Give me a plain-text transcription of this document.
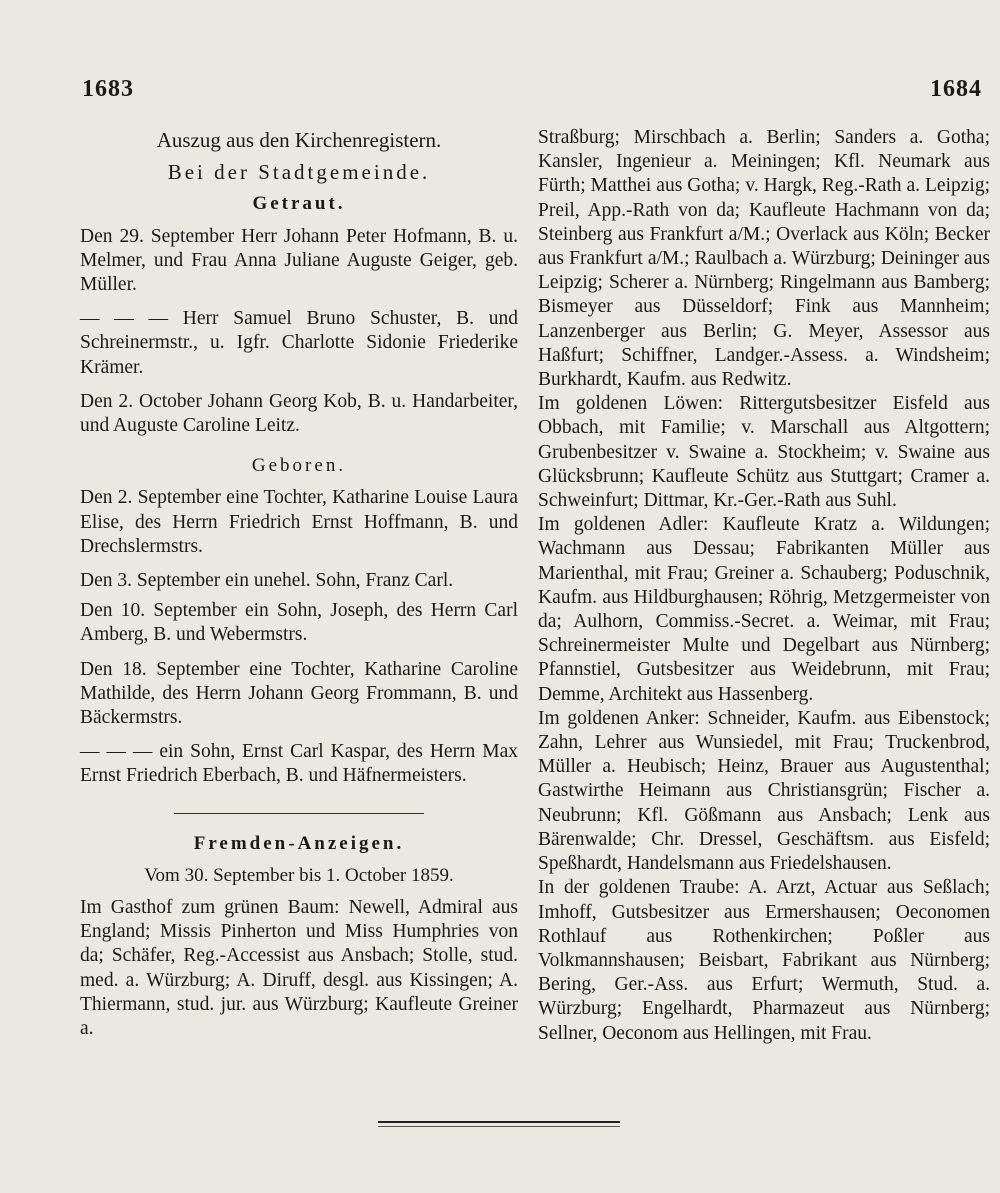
1683	1684
Auszug aus den Kirchenregistern.
Bei der Stadtgemeinde.
Getraut.

Den 29. September Herr Johann Peter Hofmann, B. u. Melmer, und Frau Anna Juliane Auguste Geiger, geb. Müller.

— — — Herr Samuel Bruno Schuster, B. und Schreinermstr., u. Igfr. Charlotte Sidonie Friederike Krämer.

Den 2. October Johann Georg Kob, B. u. Handarbeiter, und Auguste Caroline Leitz.

Geboren.

Den 2. September eine Tochter, Katharine Louise Laura Elise, des Herrn Friedrich Ernst Hoffmann, B. und Drechslermstrs.

Den 3. September ein unehel. Sohn, Franz Carl.

Den 10. September ein Sohn, Joseph, des Herrn Carl Amberg, B. und Webermstrs.

Den 18. September eine Tochter, Katharine Caroline Mathilde, des Herrn Johann Georg Frommann, B. und Bäckermstrs.

— — — ein Sohn, Ernst Carl Kaspar, des Herrn Max Ernst Friedrich Eberbach, B. und Häfnermeisters.

Fremden-Anzeigen.
Vom 30. September bis 1. October 1859.

Im Gasthof zum grünen Baum: Newell, Admiral aus England; Missis Pinherton und Miss Humphries von da; Schäfer, Reg.-Accessist aus Ansbach; Stolle, stud. med. a. Würzburg; A. Diruff, desgl. aus Kissingen; A. Thiermann, stud. jur. aus Würzburg; Kaufleute Greiner a.

Straßburg; Mirschbach a. Berlin; Sanders a. Gotha; Kansler, Ingenieur a. Meiningen; Kfl. Neumark aus Fürth; Matthei aus Gotha; v. Hargk, Reg.-Rath a. Leipzig; Preil, App.-Rath von da; Kaufleute Hachmann von da; Steinberg aus Frankfurt a/M.; Overlack aus Köln; Becker aus Frankfurt a/M.; Raulbach a. Würzburg; Deininger aus Leipzig; Scherer a. Nürnberg; Ringelmann aus Bamberg; Bismeyer aus Düsseldorf; Fink aus Mannheim; Lanzenberger aus Berlin; G. Meyer, Assessor aus Haßfurt; Schiffner, Landger.-Assess. a. Windsheim; Burkhardt, Kaufm. aus Redwitz.

Im goldenen Löwen: Rittergutsbesitzer Eisfeld aus Obbach, mit Familie; v. Marschall aus Altgottern; Grubenbesitzer v. Swaine a. Stockheim; v. Swaine aus Glücksbrunn; Kaufleute Schütz aus Stuttgart; Cramer a. Schweinfurt; Dittmar, Kr.-Ger.-Rath aus Suhl.

Im goldenen Adler: Kaufleute Kratz a. Wildungen; Wachmann aus Dessau; Fabrikanten Müller aus Marienthal, mit Frau; Greiner a. Schauberg; Poduschnik, Kaufm. aus Hildburghausen; Röhrig, Metzgermeister von da; Aulhorn, Commiss.-Secret. a. Weimar, mit Frau; Schreinermeister Multe und Degelbart aus Nürnberg; Pfannstiel, Gutsbesitzer aus Weidebrunn, mit Frau; Demme, Architekt aus Hassenberg.

Im goldenen Anker: Schneider, Kaufm. aus Eibenstock; Zahn, Lehrer aus Wunsiedel, mit Frau; Truckenbrod, Müller a. Heubisch; Heinz, Brauer aus Augustenthal; Gastwirthe Heimann aus Christiansgrün; Fischer a. Neubrunn; Kfl. Gößmann aus Ansbach; Lenk aus Bärenwalde; Chr. Dressel, Geschäftsm. aus Eisfeld; Speßhardt, Handelsmann aus Friedelshausen.

In der goldenen Traube: A. Arzt, Actuar aus Seßlach; Imhoff, Gutsbesitzer aus Ermershausen; Oeconomen Rothlauf aus Rothenkirchen; Poßler aus Volkmannshausen; Beisbart, Fabrikant aus Nürnberg; Bering, Ger.-Ass. aus Erfurt; Wermuth, Stud. a. Würzburg; Engelhardt, Pharmazeut aus Nürnberg; Sellner, Oeconom aus Hellingen, mit Frau.
